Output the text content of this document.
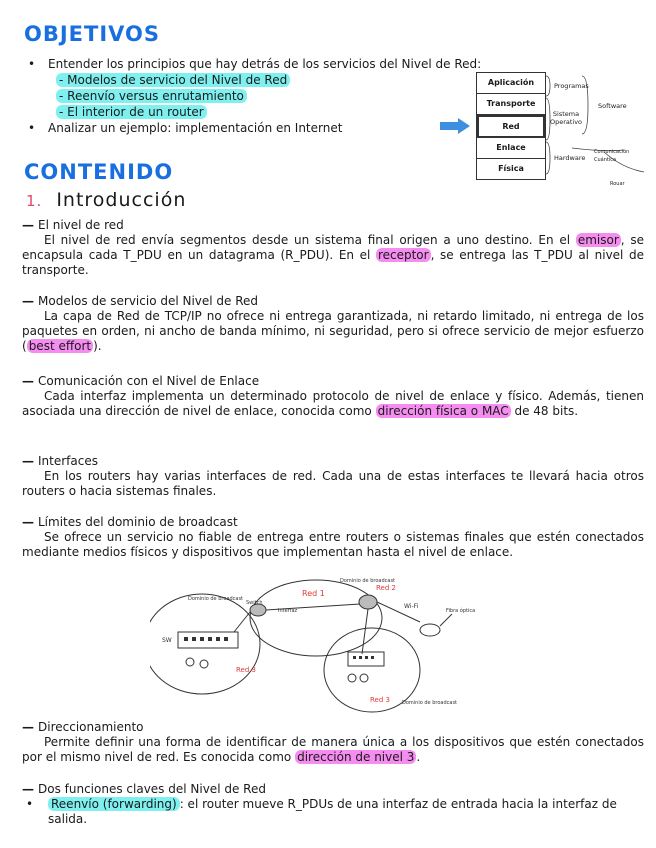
OBJETIVOS
• Entender los principios que hay detrás de los servicios del Nivel de Red:
- Modelos de servicio del Nivel de Red
- Reenvío versus enrutamiento
- El interior de un router
• Analizar un ejemplo: implementación en Internet
Aplicación
Transporte
Red
Enlace
Física
Programas
Sistema Operativo
Software
Hardware
Comunicación Cuántica
Rouar
CONTENIDO
1. Introducción
— El nivel de red

El nivel de red envía segmentos desde un sistema final origen a uno destino. En el emisor , se encapsula cada T_PDU en un datagrama (R_PDU). En el receptor , se entrega las T_PDU al nivel de transporte.

— Modelos de servicio del Nivel de Red

La capa de Red de TCP/IP no ofrece ni entrega garantizada, ni retardo limitado, ni entrega de los paquetes en orden, ni ancho de banda mínimo, ni seguridad, pero si ofrece servicio de mejor esfuerzo ( best effort ).

— Comunicación con el Nivel de Enlace

Cada interfaz implementa un determinado protocolo de nivel de enlace y físico. Además, tienen asociada una dirección de nivel de enlace, conocida como dirección física o MAC de 48 bits.

— Interfaces

En los routers hay varias interfaces de red. Cada una de estas interfaces te llevará hacia otros routers o hacia sistemas finales.

— Límites del dominio de broadcast

Se ofrece un servicio no fiable de entrega entre routers o sistemas finales que estén conectados mediante medios físicos y dispositivos que implementan hasta el nivel de enlace.

Red 1
Red 2
Red 3
Red 3
Dominio de broadcast
Dominio de broadcast
Dominio de broadcast
Switch
SW
Wi-Fi
Fibra óptica
Interfaz
— Direccionamiento

Permite definir una forma de identificar de manera única a los dispositivos que estén conectados por el mismo nivel de red. Es conocida como dirección de nivel 3 .

— Dos funciones claves del Nivel de Red
• Reenvío (forwarding) : el router mueve R_PDUs de una interfaz de entrada hacia la interfaz de salida.
